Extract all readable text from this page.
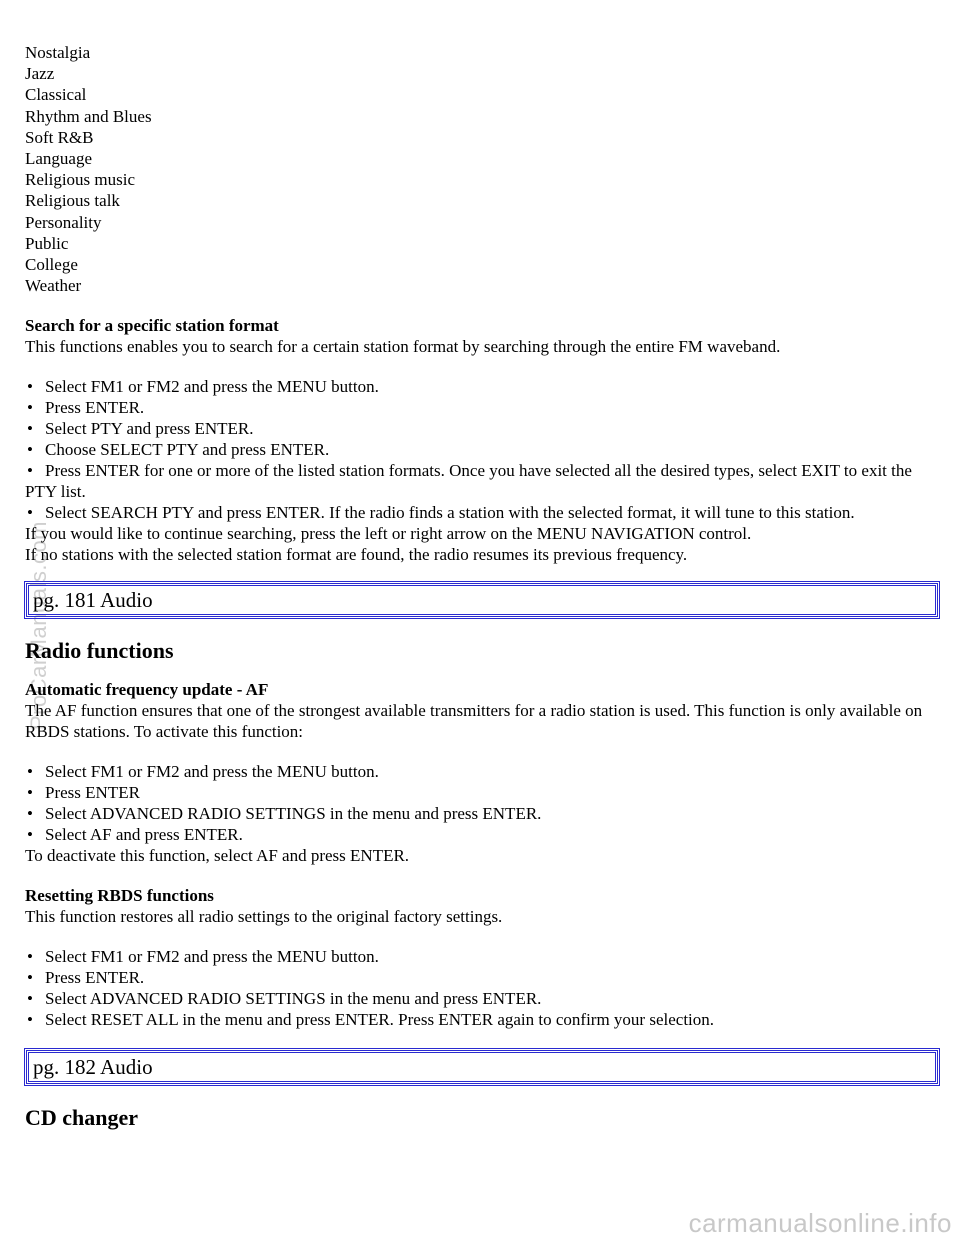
ProCarManuals.com
carmanualsonline.info
Nostalgia
Jazz
Classical
Rhythm and Blues
Soft R&B
Language
Religious music
Religious talk
Personality
Public
College
Weather
Search for a specific station format
This functions enables you to search for a certain station format by searching through the entire FM waveband.
• Select FM1 or FM2 and press the MENU button.
• Press ENTER.
• Select PTY and press ENTER.
• Choose SELECT PTY and press ENTER.
• Press ENTER for one or more of the listed station formats. Once you have selected all the desired types, select EXIT to exit the PTY list.
• Select SEARCH PTY and press ENTER. If the radio finds a station with the selected format, it will tune to this station.
If you would like to continue searching, press the left or right arrow on the MENU NAVIGATION control.
If no stations with the selected station format are found, the radio resumes its previous frequency.
pg. 181 Audio
Radio functions
Automatic frequency update - AF
The AF function ensures that one of the strongest available transmitters for a radio station is used. This function is only available on RBDS stations. To activate this function:
• Select FM1 or FM2 and press the MENU button.
• Press ENTER
• Select ADVANCED RADIO SETTINGS in the menu and press ENTER.
• Select AF and press ENTER.
To deactivate this function, select AF and press ENTER.
Resetting RBDS functions
This function restores all radio settings to the original factory settings.
• Select FM1 or FM2 and press the MENU button.
• Press ENTER.
• Select ADVANCED RADIO SETTINGS in the menu and press ENTER.
• Select RESET ALL in the menu and press ENTER. Press ENTER again to confirm your selection.
pg. 182 Audio
CD changer
